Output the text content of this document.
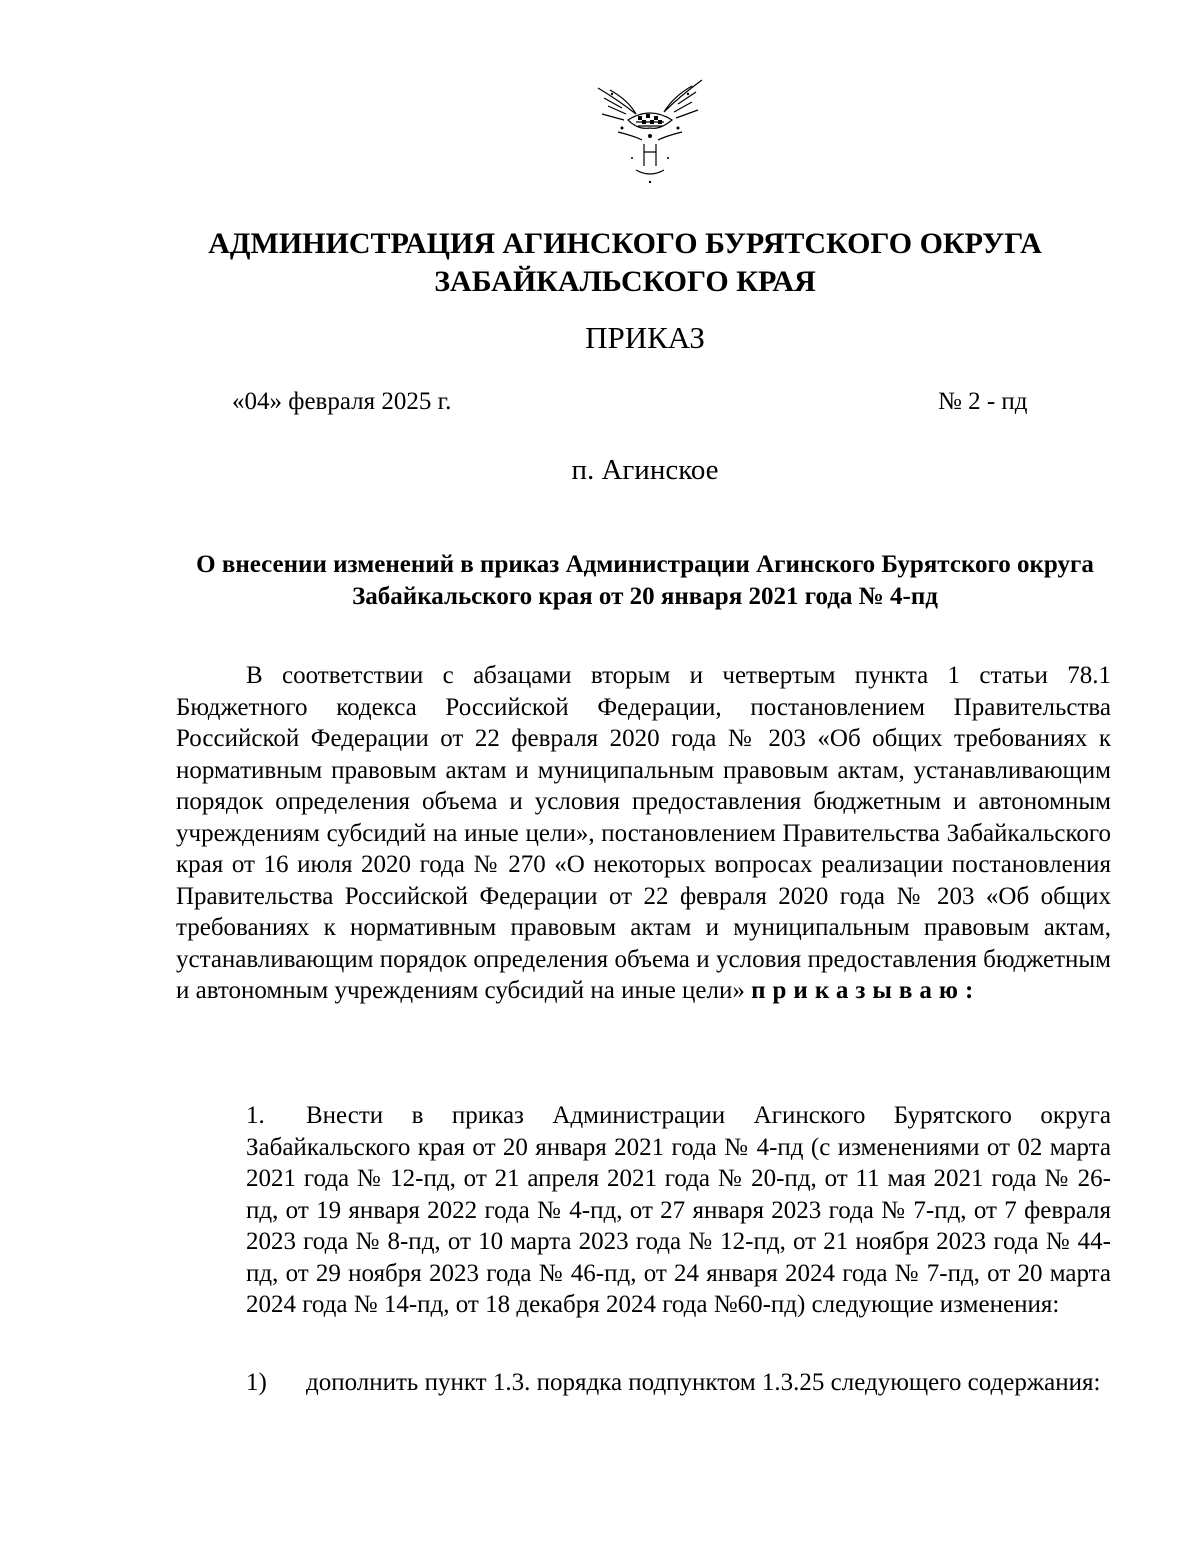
АДМИНИСТРАЦИЯ АГИНСКОГО БУРЯТСКОГО ОКРУГА ЗАБАЙКАЛЬСКОГО КРАЯ
ПРИКАЗ
«04» февраля 2025 г.	№ 2 - пд
п. Агинское
О внесении изменений в приказ Администрации Агинского Бурятского округа Забайкальского края от 20 января 2021 года № 4-пд
В соответствии с абзацами вторым и четвертым пункта 1 статьи 78.1 Бюджетного кодекса Российской Федерации, постановлением Правительства Российской Федерации от 22 февраля 2020 года № 203 «Об общих требованиях к нормативным правовым актам и муниципальным правовым актам, устанавливающим порядок определения объема и условия предоставления бюджетным и автономным учреждениям субсидий на иные цели», постановлением Правительства Забайкальского края от 16 июля 2020 года № 270 «О некоторых вопросах реализации постановления Правительства Российской Федерации от 22 февраля 2020 года № 203 «Об общих требованиях к нормативным правовым актам и муниципальным правовым актам, устанавливающим порядок определения объема и условия предоставления бюджетным и автономным учреждениям субсидий на иные цели» приказываю:
1. Внести в приказ Администрации Агинского Бурятского округа Забайкальского края от 20 января 2021 года № 4-пд (с изменениями от 02 марта 2021 года № 12-пд, от 21 апреля 2021 года № 20-пд, от 11 мая 2021 года № 26-пд, от 19 января 2022 года № 4-пд, от 27 января 2023 года № 7-пд, от 7 февраля 2023 года № 8-пд, от 10 марта 2023 года № 12-пд, от 21 ноября 2023 года № 44-пд, от 29 ноября 2023 года № 46-пд, от 24 января 2024 года № 7-пд, от 20 марта 2024 года № 14-пд, от 18 декабря 2024 года №60-пд) следующие изменения:
1) дополнить пункт 1.3. порядка подпунктом 1.3.25 следующего содержания:
